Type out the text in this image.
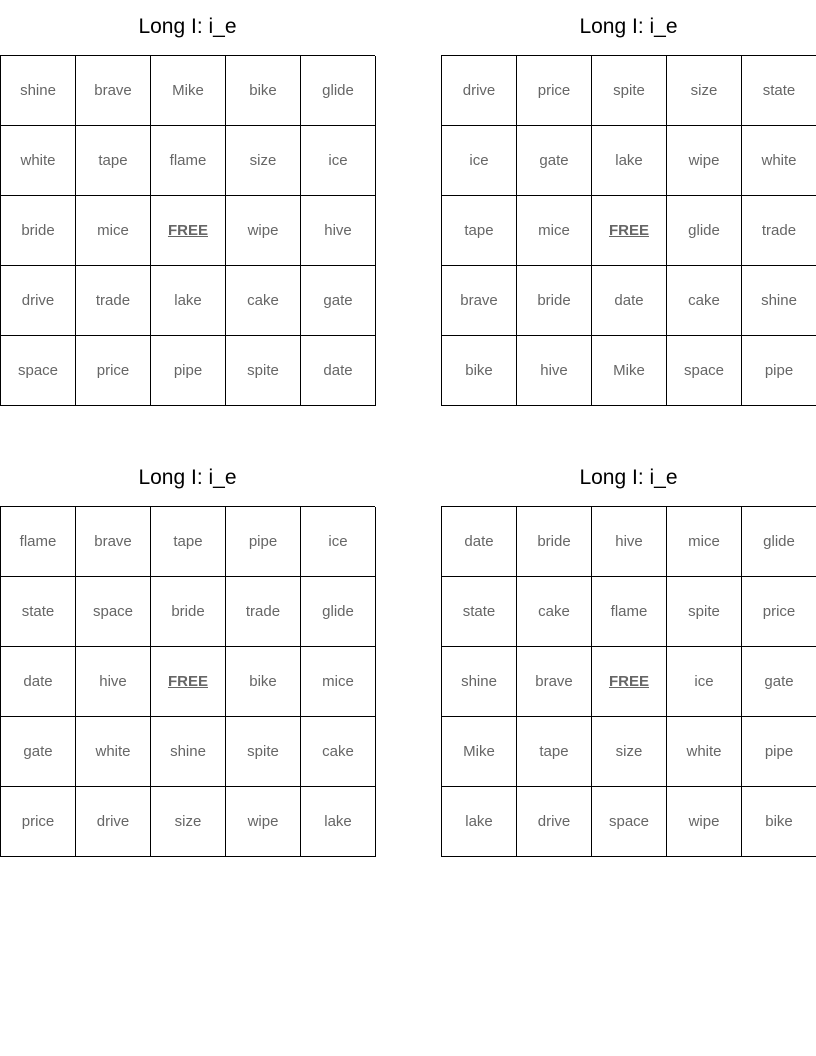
Long I: i_e
shine	brave	Mike	bike	glide
white	tape	flame	size	ice
bride	mice	FREE	wipe	hive
drive	trade	lake	cake	gate
space	price	pipe	spite	date
Long I: i_e
drive	price	spite	size	state
ice	gate	lake	wipe	white
tape	mice	FREE	glide	trade
brave	bride	date	cake	shine
bike	hive	Mike	space	pipe
Long I: i_e
flame	brave	tape	pipe	ice
state	space	bride	trade	glide
date	hive	FREE	bike	mice
gate	white	shine	spite	cake
price	drive	size	wipe	lake
Long I: i_e
date	bride	hive	mice	glide
state	cake	flame	spite	price
shine	brave	FREE	ice	gate
Mike	tape	size	white	pipe
lake	drive	space	wipe	bike
